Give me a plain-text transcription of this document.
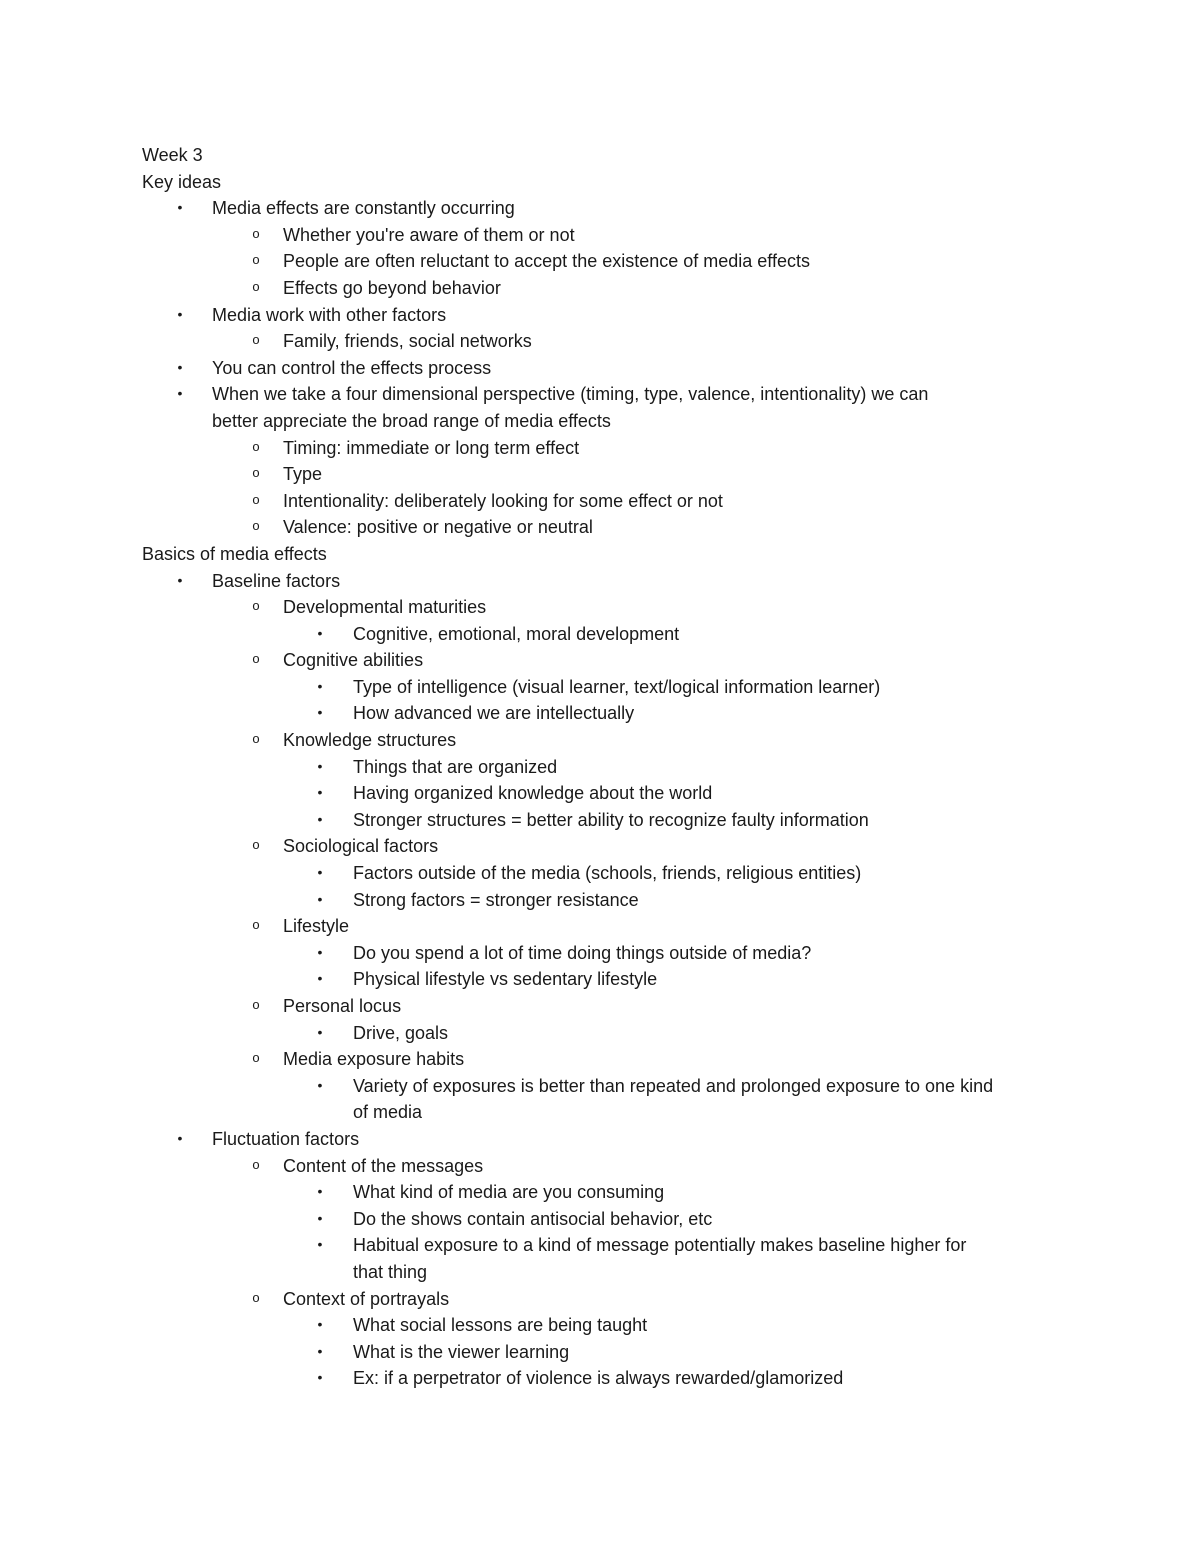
Week 3
Key ideas
•	Media effects are constantly occurring
o	Whether you're aware of them or not
o	People are often reluctant to accept the existence of media effects
o	Effects go beyond behavior
•	Media work with other factors
o	Family, friends, social networks
•	You can control the effects process
•	When we take a four dimensional perspective (timing, type, valence, intentionality) we can
better appreciate the broad range of media effects
o	Timing: immediate or long term effect
o	Type
o	Intentionality: deliberately looking for some effect or not
o	Valence: positive or negative or neutral
Basics of media effects
•	Baseline factors
o	Developmental maturities
•	Cognitive, emotional, moral development
o	Cognitive abilities
•	Type of intelligence (visual learner, text/logical information learner)
•	How advanced we are intellectually
o	Knowledge structures
•	Things that are organized
•	Having organized knowledge about the world
•	Stronger structures = better ability to recognize faulty information
o	Sociological factors
•	Factors outside of the media (schools, friends, religious entities)
•	Strong factors = stronger resistance
o	Lifestyle
•	Do you spend a lot of time doing things outside of media?
•	Physical lifestyle vs sedentary lifestyle
o	Personal locus
•	Drive, goals
o	Media exposure habits
•	Variety of exposures is better than repeated and prolonged exposure to one kind
of media
•	Fluctuation factors
o	Content of the messages
•	What kind of media are you consuming
•	Do the shows contain antisocial behavior, etc
•	Habitual exposure to a kind of message potentially makes baseline higher for
that thing
o	Context of portrayals
•	What social lessons are being taught
•	What is the viewer learning
•	Ex: if a perpetrator of violence is always rewarded/glamorized
